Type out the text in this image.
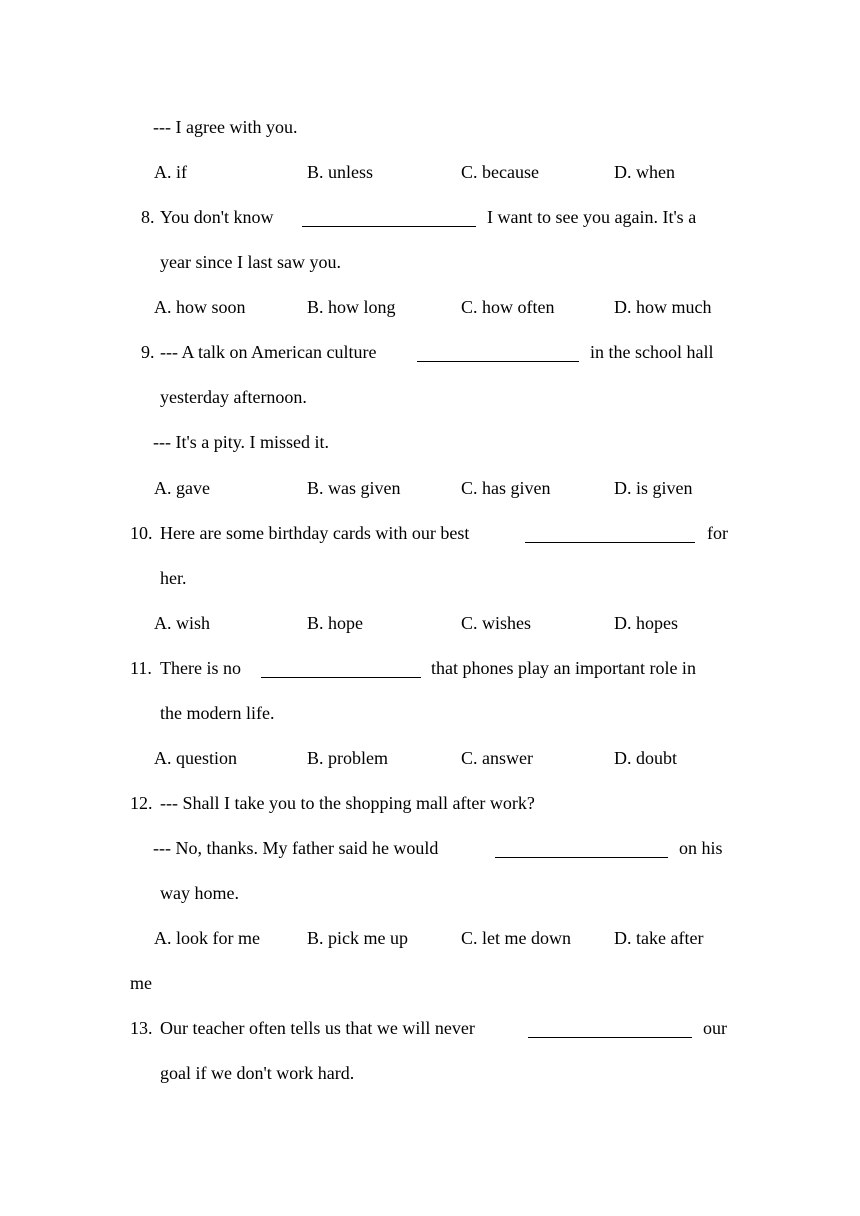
--- I agree with you.
A. if	B. unless	C. because	D. when
8. You don't know	I want to see you again. It's a
year since I last saw you.
A. how soon	B. how long	C. how often	D. how much
9. --- A talk on American culture	in the school hall
yesterday afternoon.
--- It's a pity. I missed it.
A. gave	B. was given	C. has given	D. is given
10. Here are some birthday cards with our best	for
her.
A. wish	B. hope	C. wishes	D. hopes
11. There is no	that phones play an important role in
the modern life.
A. question	B. problem	C. answer	D. doubt
12. --- Shall I take you to the shopping mall after work?
--- No, thanks. My father said he would	on his
way home.
A. look for me	B. pick me up	C. let me down D. take after
me
13. Our teacher often tells us that we will never	our
goal if we don't work hard.
